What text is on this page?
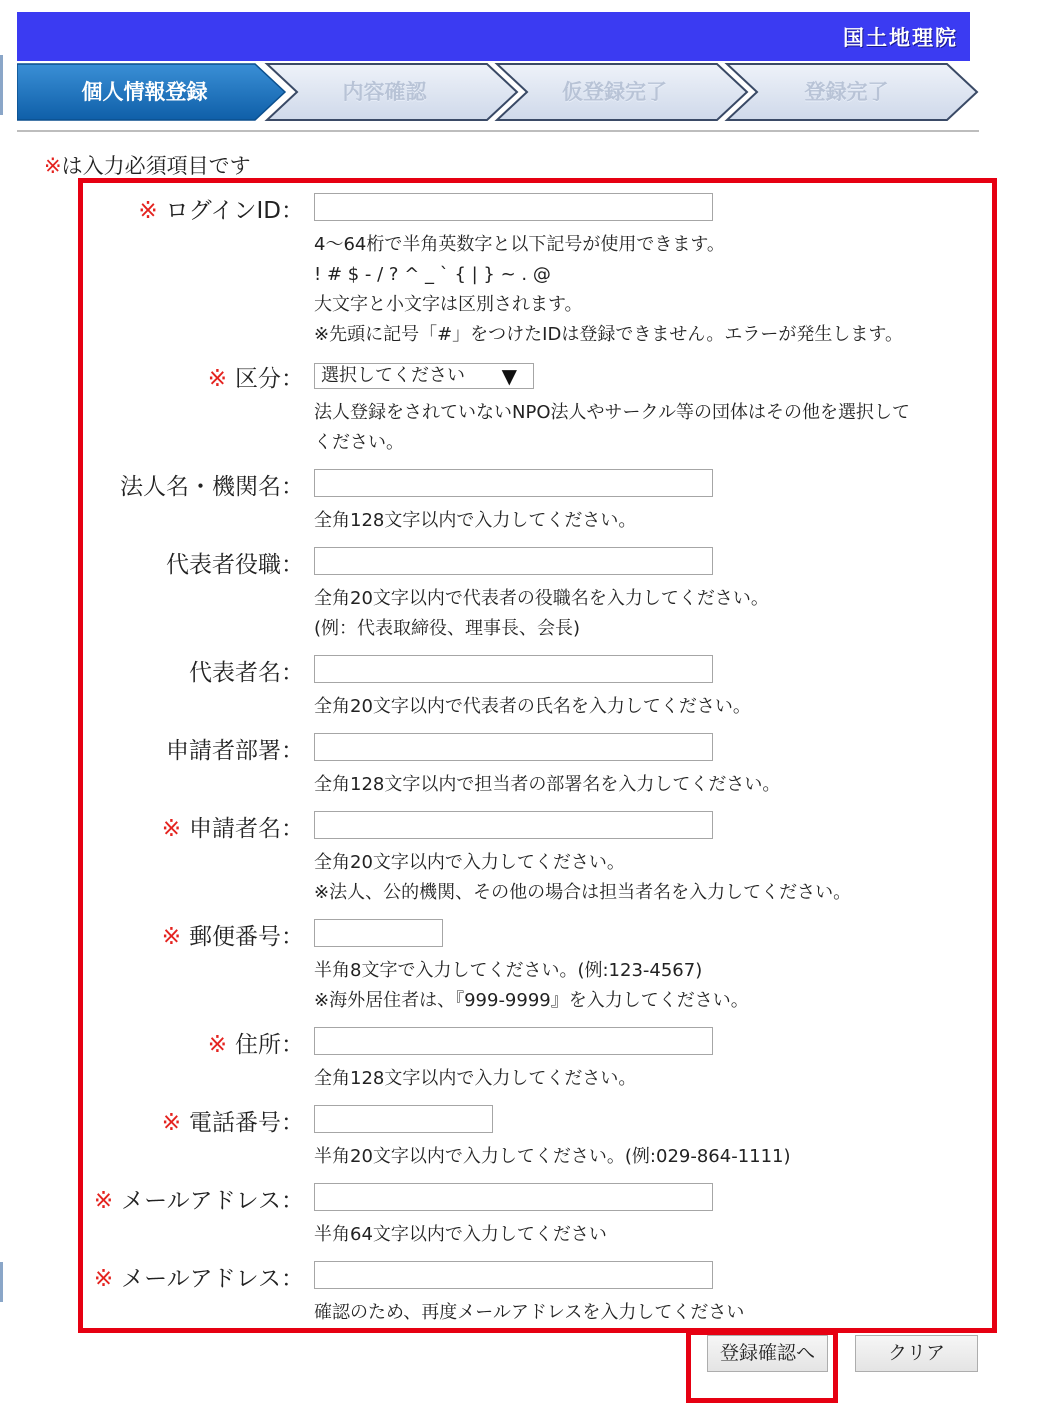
国土地理院
個人情報登録	内容確認	仮登録完了	登録完了
※は入力必須項目です
※ ログインID：
4〜64桁で半角英数字と以下記号が使用できます。
! # $ - / ? ^ _ ` { | } ~ . @
大文字と小文字は区別されます。
※先頭に記号「#」をつけたIDは登録できません。エラーが発生します。
※ 区分： 選択してください ▼
法人登録をされていないNPO法人やサークル等の団体はその他を選択して
ください。
法人名・機関名：
全角128文字以内で入力してください。
代表者役職：
全角20文字以内で代表者の役職名を入力してください。
(例：代表取締役、理事長、会長)
代表者名：
全角20文字以内で代表者の氏名を入力してください。
申請者部署：
全角128文字以内で担当者の部署名を入力してください。
※ 申請者名：
全角20文字以内で入力してください。
※法人、公的機関、その他の場合は担当者名を入力してください。
※ 郵便番号：
半角8文字で入力してください。(例:123-4567)
※海外居住者は、『999-9999』を入力してください。
※ 住所：
全角128文字以内で入力してください。
※ 電話番号：
半角20文字以内で入力してください。(例:029-864-1111)
※ メールアドレス：
半角64文字以内で入力してください
※ メールアドレス：
確認のため、再度メールアドレスを入力してください
登録確認へ	クリア
